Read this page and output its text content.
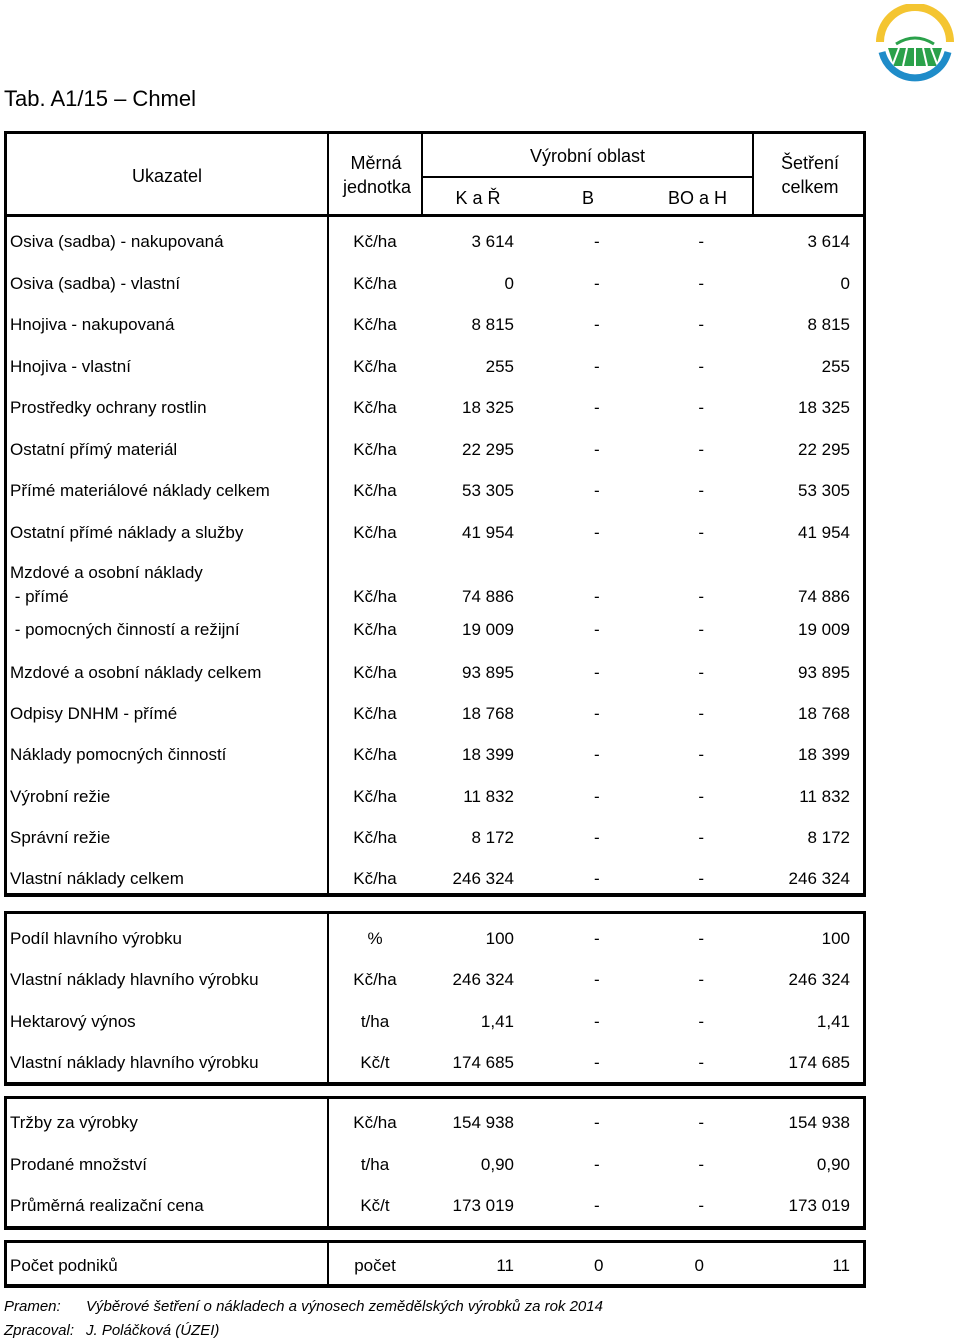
Tab. A1/15 – Chmel
Ukazatel
Měrná jednotka
Výrobní oblast
K a Ř	B	BO a H
Šetření celkem
Osiva (sadba) - nakupovaná	Kč/ha	3 614	-	-	3 614
Osiva (sadba) - vlastní	Kč/ha	0	-	-	0
Hnojiva - nakupovaná	Kč/ha	8 815	-	-	8 815
Hnojiva - vlastní	Kč/ha	255	-	-	255
Prostředky ochrany rostlin	Kč/ha	18 325	-	-	18 325
Ostatní přímý materiál	Kč/ha	22 295	-	-	22 295
Přímé materiálové náklady celkem	Kč/ha	53 305	-	-	53 305
Ostatní přímé náklady a služby	Kč/ha	41 954	-	-	41 954
Mzdové a osobní náklady
- přímé	Kč/ha	74 886	-	-	74 886
- pomocných činností a režijní	Kč/ha	19 009	-	-	19 009
Mzdové a osobní náklady celkem	Kč/ha	93 895	-	-	93 895
Odpisy DNHM - přímé	Kč/ha	18 768	-	-	18 768
Náklady pomocných činností	Kč/ha	18 399	-	-	18 399
Výrobní režie	Kč/ha	11 832	-	-	11 832
Správní režie	Kč/ha	8 172	-	-	8 172
Vlastní náklady celkem	Kč/ha	246 324	-	-	246 324
Podíl hlavního výrobku	%	100	-	-	100
Vlastní náklady hlavního výrobku	Kč/ha	246 324	-	-	246 324
Hektarový výnos	t/ha	1,41	-	-	1,41
Vlastní náklady hlavního výrobku	Kč/t	174 685	-	-	174 685
Tržby za výrobky	Kč/ha	154 938	-	-	154 938
Prodané množství	t/ha	0,90	-	-	0,90
Průměrná realizační cena	Kč/t	173 019	-	-	173 019
Počet podniků	počet	11	0	0	11
Pramen: Výběrové šetření o nákladech a výnosech zemědělských výrobků za rok 2014
Zpracoval: J. Poláčková (ÚZEI)
